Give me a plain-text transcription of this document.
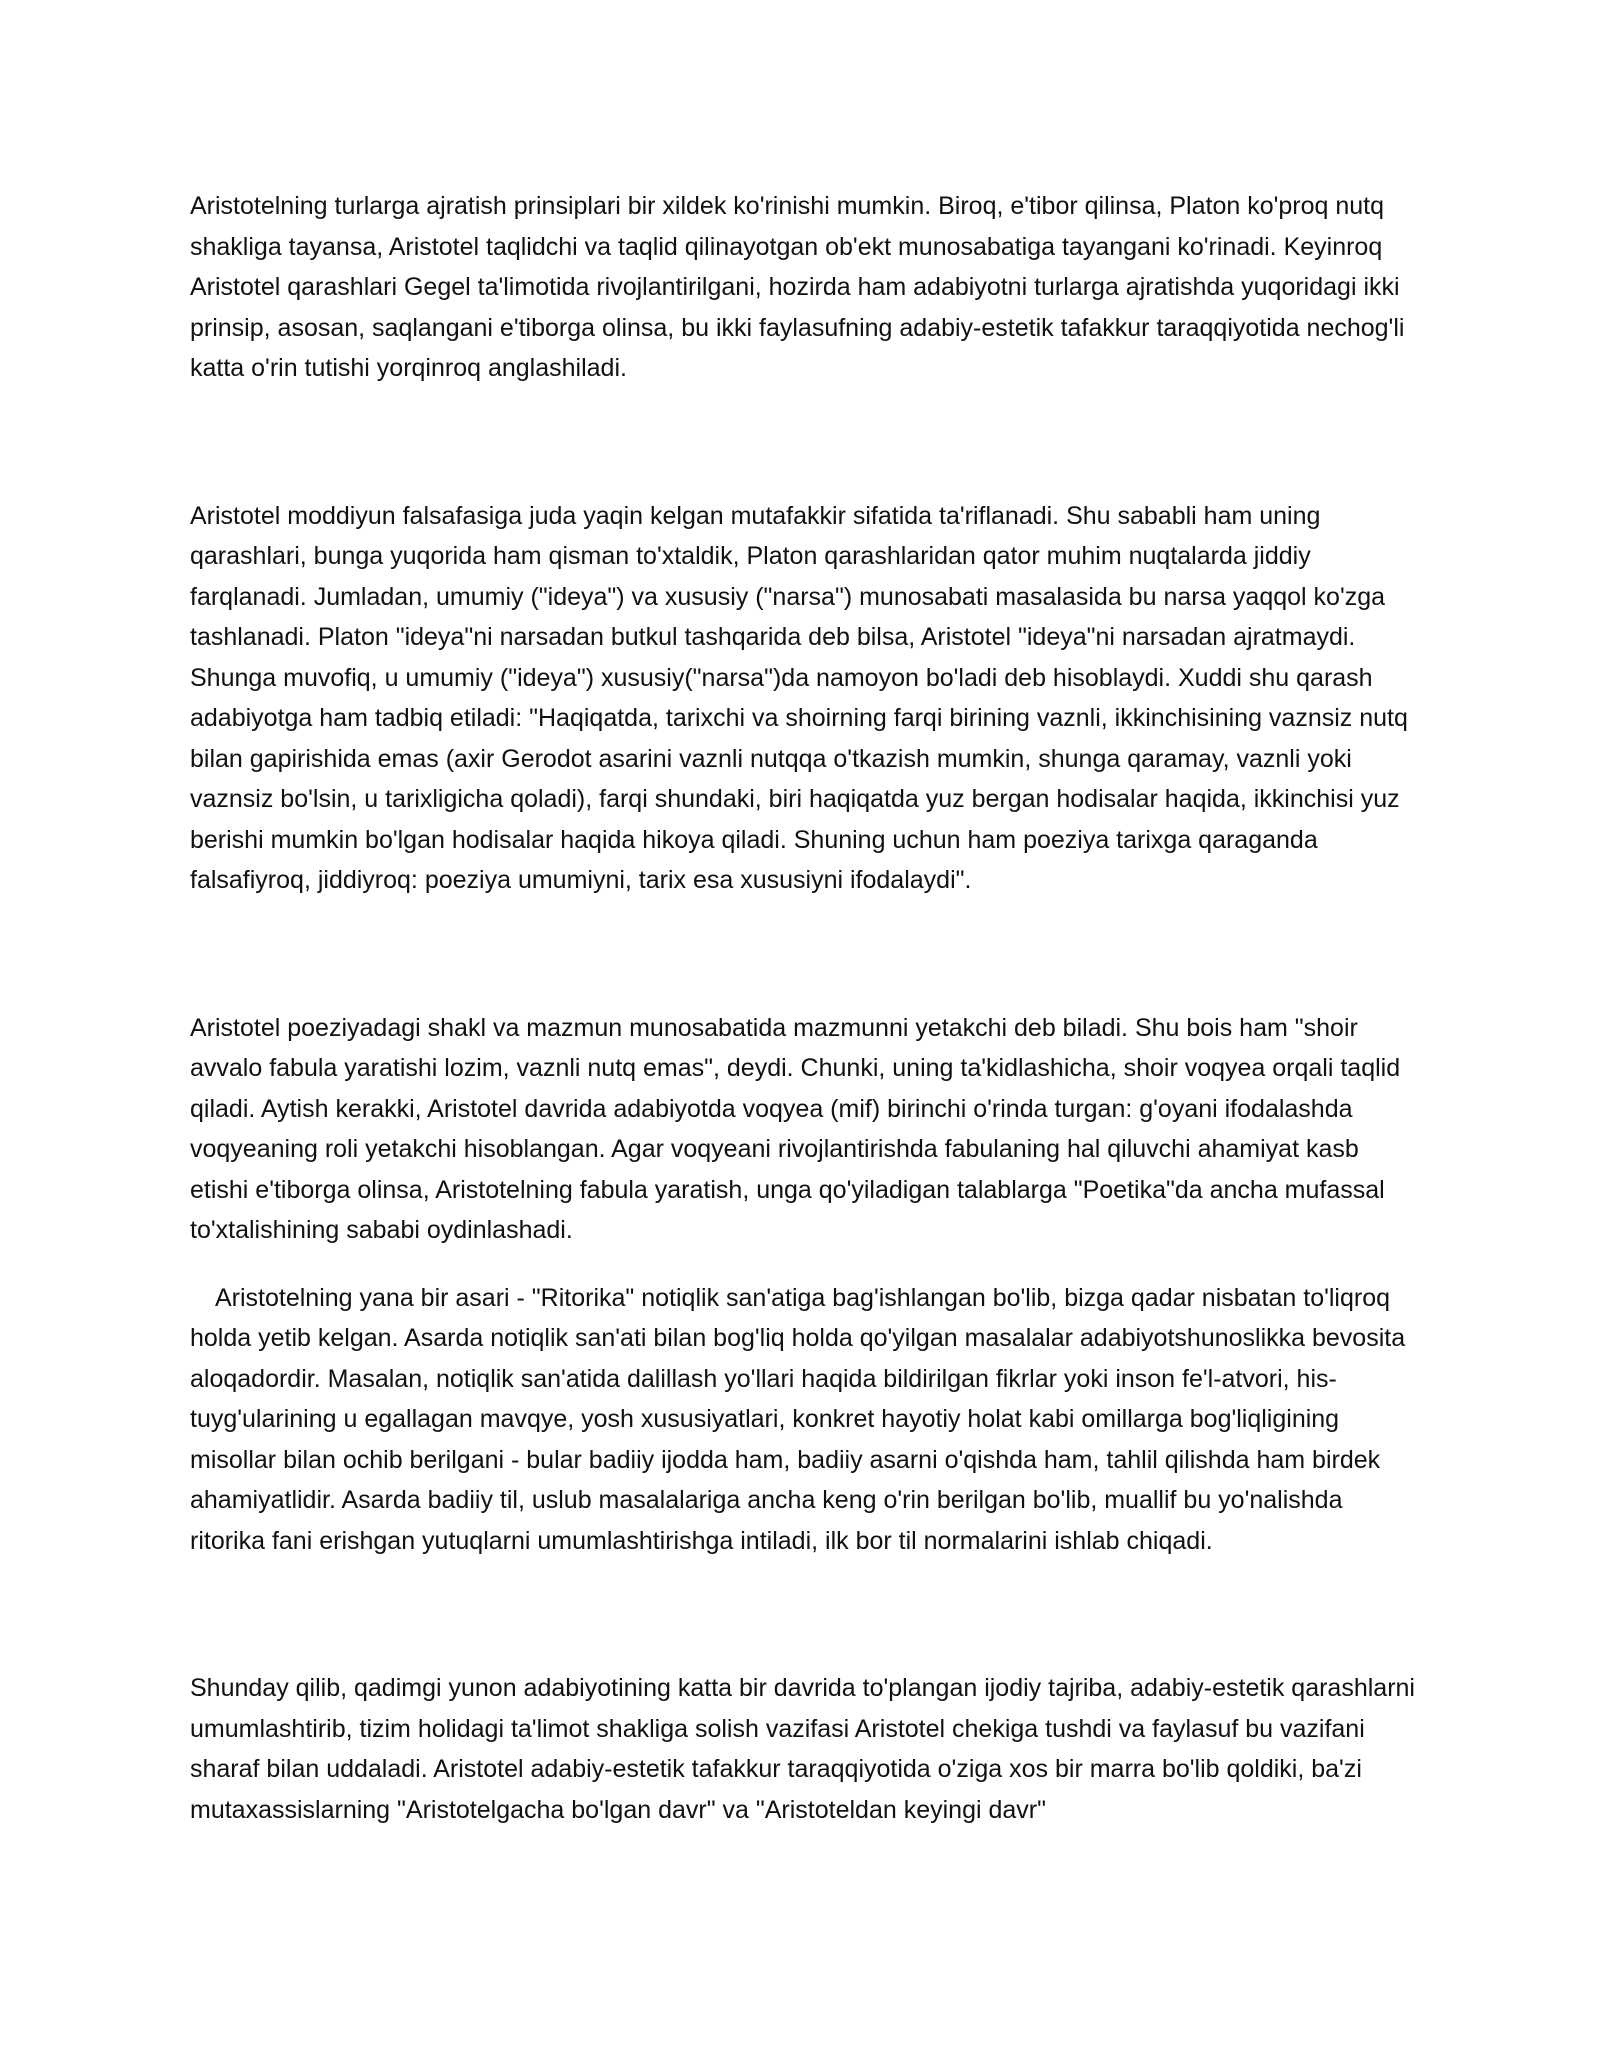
Aristotelning turlarga ajratish prinsiplari bir xildek ko'rinishi mumkin. Biroq, e'tibor qilinsa, Platon ko'proq nutq shakliga tayansa, Aristotel taqlidchi va taqlid qilinayotgan ob'ekt munosabatiga tayangani ko'rinadi. Keyinroq Aristotel qarashlari Gegel ta'limotida rivojlantirilgani, hozirda ham adabiyotni turlarga ajratishda yuqoridagi ikki prinsip, asosan, saqlangani e'tiborga olinsa, bu ikki faylasufning adabiy-estetik tafakkur taraqqiyotida nechog'li katta o'rin tutishi yorqinroq anglashiladi.

Aristotel moddiyun falsafasiga juda yaqin kelgan mutafakkir sifatida ta'riflanadi. Shu sababli ham uning qarashlari, bunga yuqorida ham qisman to'xtaldik, Platon qarashlaridan qator muhim nuqtalarda jiddiy farqlanadi. Jumladan, umumiy ("ideya") va xususiy ("narsa") munosabati masalasida bu narsa yaqqol ko'zga tashlanadi. Platon "ideya"ni narsadan butkul tashqarida deb bilsa, Aristotel "ideya"ni narsadan ajratmaydi. Shunga muvofiq, u umumiy ("ideya") xususiy("narsa")da namoyon bo'ladi deb hisoblaydi. Xuddi shu qarash adabiyotga ham tadbiq etiladi: "Haqiqatda, tarixchi va shoirning farqi birining vaznli, ikkinchisining vaznsiz nutq bilan gapirishida emas (axir Gerodot asarini vaznli nutqqa o'tkazish mumkin, shunga qaramay, vaznli yoki vaznsiz bo'lsin, u tarixligicha qoladi), farqi shundaki, biri haqiqatda yuz bergan hodisalar haqida, ikkinchisi yuz berishi mumkin bo'lgan hodisalar haqida hikoya qiladi. Shuning uchun ham poeziya tarixga qaraganda falsafiyroq, jiddiyroq: poeziya umumiyni, tarix esa xususiyni ifodalaydi".

Aristotel poeziyadagi shakl va mazmun munosabatida mazmunni yetakchi deb biladi. Shu bois ham "shoir avvalo fabula yaratishi lozim, vaznli nutq emas", deydi. Chunki, uning ta'kidlashicha, shoir voqyea orqali taqlid qiladi. Aytish kerakki, Aristotel davrida adabiyotda voqyea (mif) birinchi o'rinda turgan: g'oyani ifodalashda voqyeaning roli yetakchi hisoblangan. Agar voqyeani rivojlantirishda fabulaning hal qiluvchi ahamiyat kasb etishi e'tiborga olinsa, Aristotelning fabula yaratish, unga qo'yiladigan talablarga "Poetika"da ancha mufassal to'xtalishining sababi oydinlashadi.

Aristotelning yana bir asari - "Ritorika" notiqlik san'atiga bag'ishlangan bo'lib, bizga qadar nisbatan to'liqroq holda yetib kelgan. Asarda notiqlik san'ati bilan bog'liq holda qo'yilgan masalalar adabiyotshunoslikka bevosita aloqadordir. Masalan, notiqlik san'atida dalillash yo'llari haqida bildirilgan fikrlar yoki inson fe'l-atvori, his- tuyg'ularining u egallagan mavqye, yosh xususiyatlari, konkret hayotiy holat kabi omillarga bog'liqligining misollar bilan ochib berilgani - bular badiiy ijodda ham, badiiy asarni o'qishda ham, tahlil qilishda ham birdek ahamiyatlidir. Asarda badiiy til, uslub masalalariga ancha keng o'rin berilgan bo'lib, muallif bu yo'nalishda ritorika fani erishgan yutuqlarni umumlashtirishga intiladi, ilk bor til normalarini ishlab chiqadi.

Shunday qilib, qadimgi yunon adabiyotining katta bir davrida to'plangan ijodiy tajriba, adabiy-estetik qarashlarni umumlashtirib, tizim holidagi ta'limot shakliga solish vazifasi Aristotel chekiga tushdi va faylasuf bu vazifani sharaf bilan uddaladi. Aristotel adabiy-estetik tafakkur taraqqiyotida o'ziga xos bir marra bo'lib qoldiki, ba'zi mutaxassislarning "Aristotelgacha bo'lgan davr" va "Aristoteldan keyingi davr"
